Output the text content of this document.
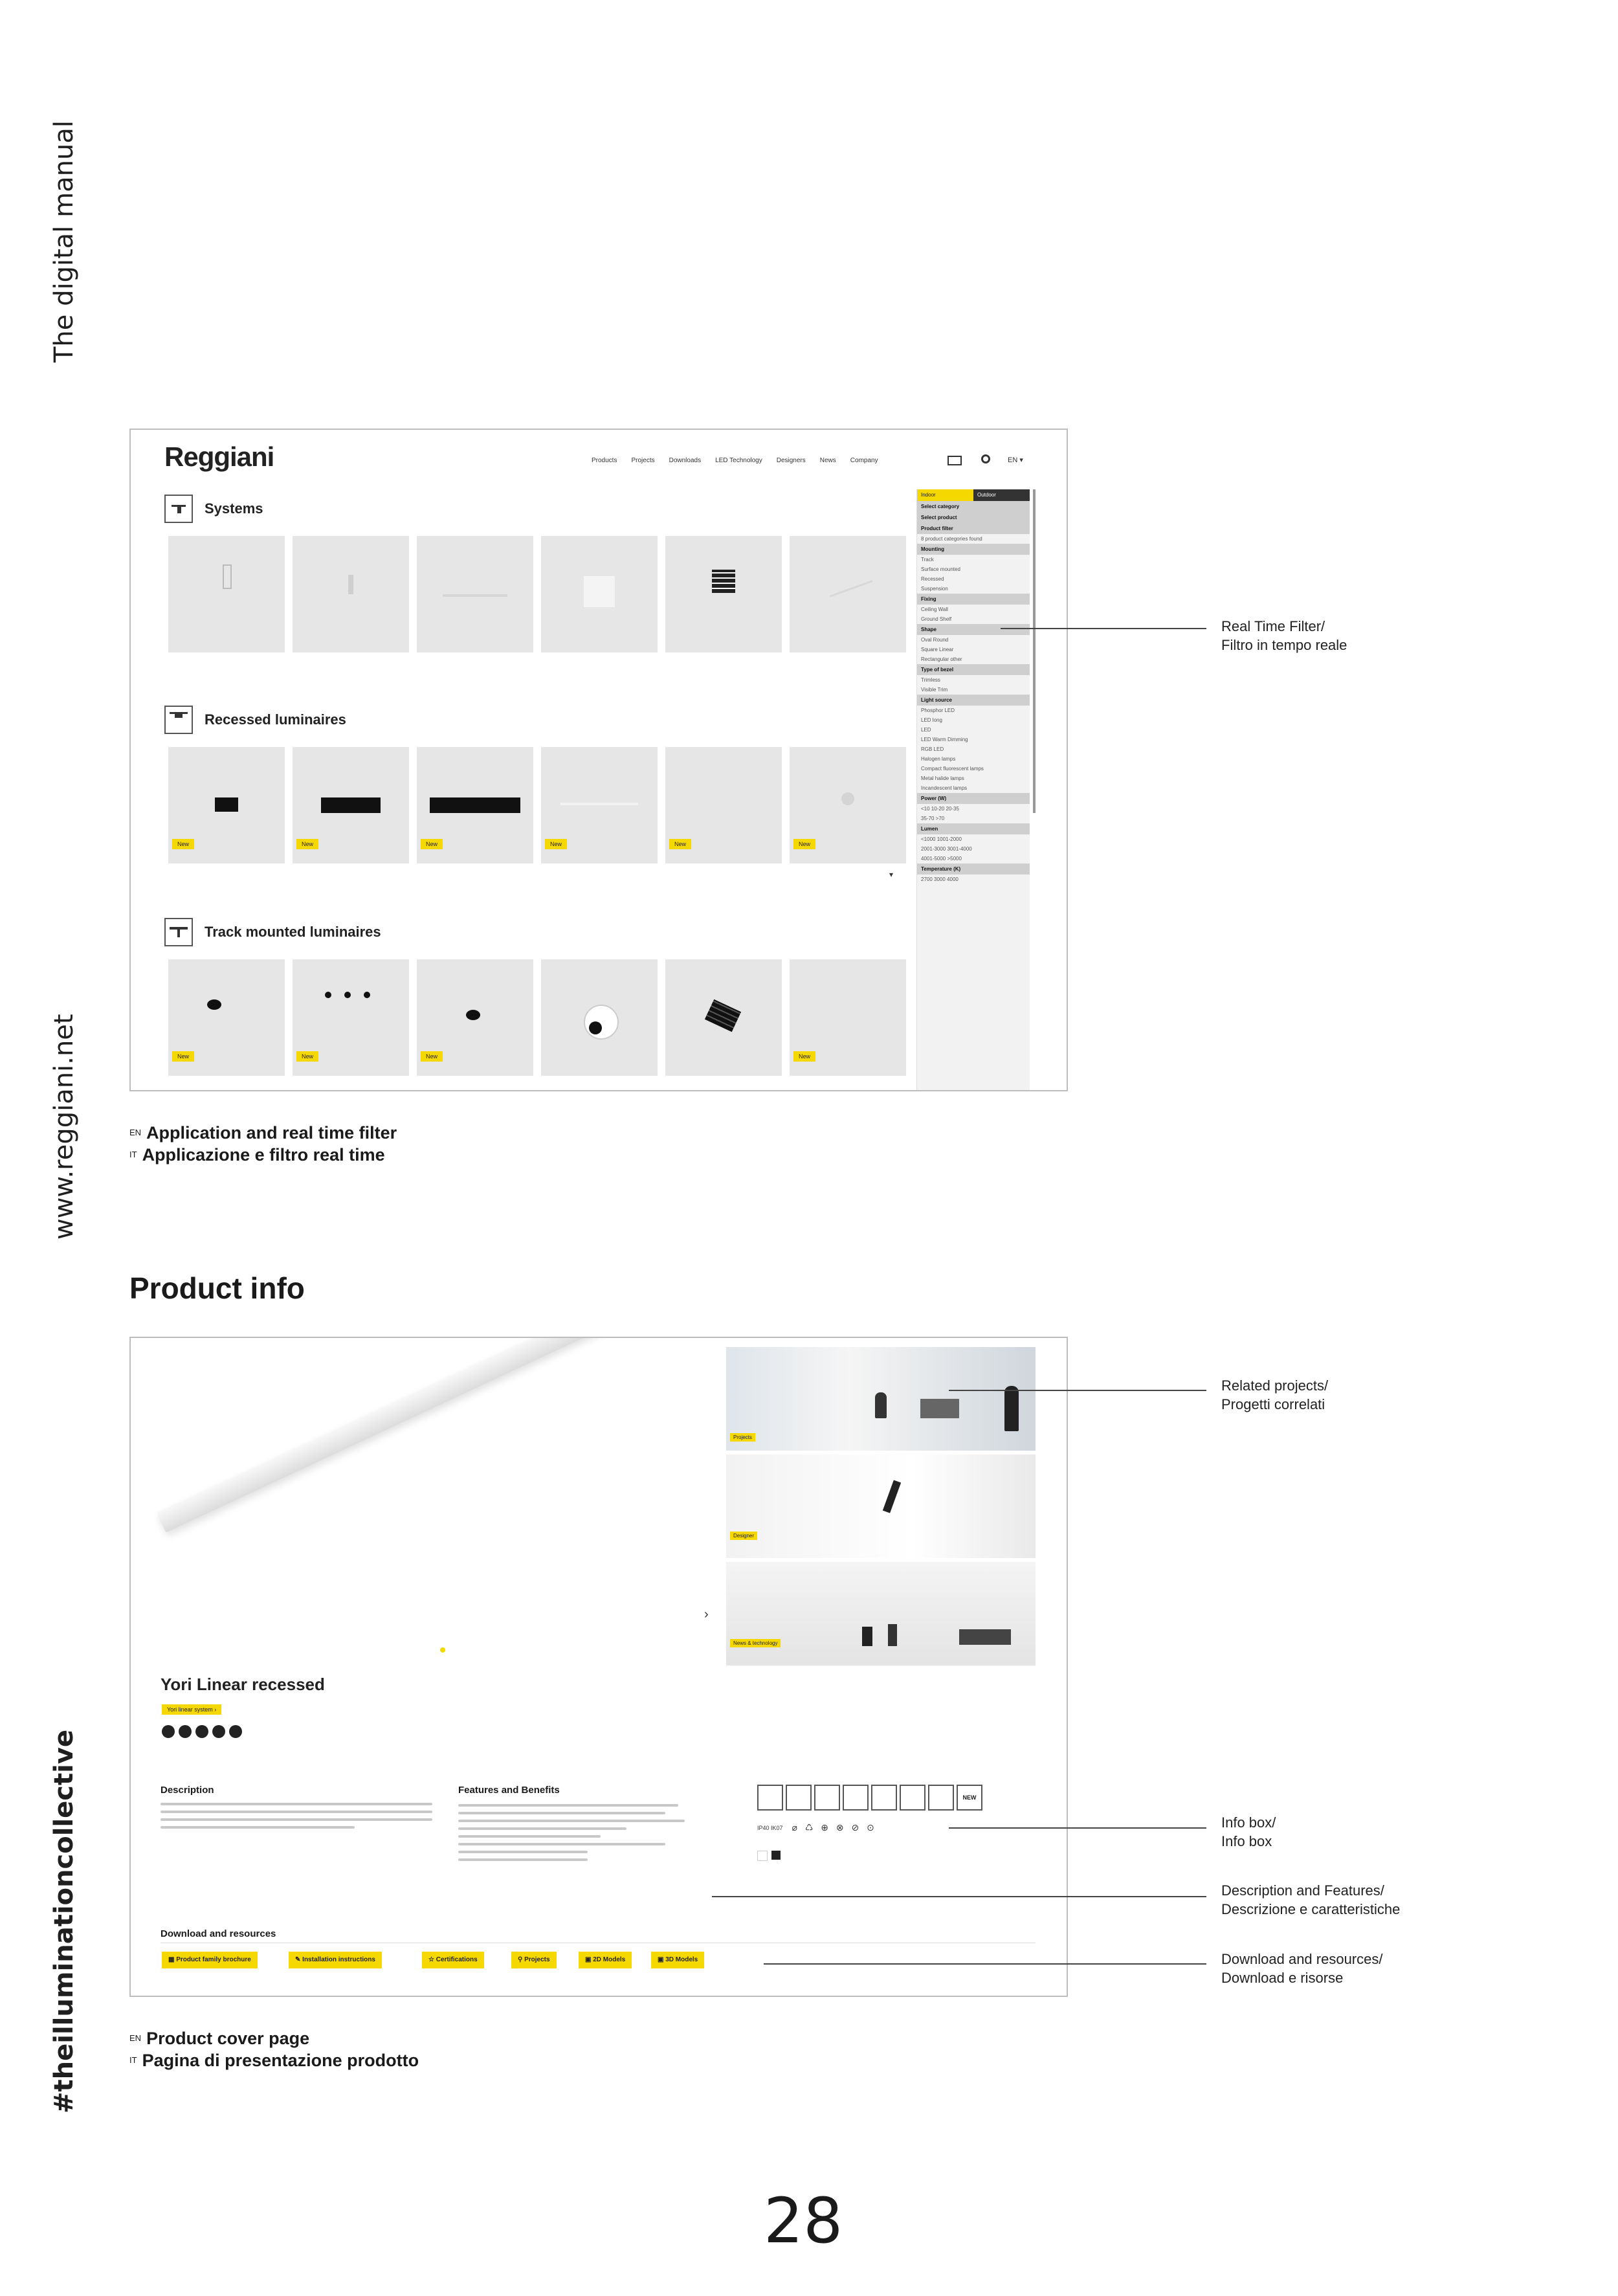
The digital manual
www.reggiani.net
#theilluminationcollective
Reggiani	Products Projects Downloads LED Technology Designers News Company	EN ▾
Systems
Recessed luminaires
New	New	New	New	New	New
▾
Track mounted luminaires
New	New	New	New
Indoor	Outdoor
Select category
Select product
Product filter
8 product categories found
Mounting
Track
Surface mounted
Recessed
Suspension
Fixing
Ceiling Wall
Ground Shelf
Shape
Oval Round
Square Linear
Rectangular other
Type of bezel
Trimless
Visible Trim
Light source
Phosphor LED
LED long
LED
LED Warm Dimming
RGB LED
Halogen lamps
Compact fluorescent lamps
Metal halide lamps
Incandescent lamps
Power (W)
<10 10-20 20-35
35-70 >70
Lumen
<1000 1001-2000
2001-3000 3001-4000
4001-5000 >5000
Temperature (K)
2700 3000 4000
Real Time Filter/
Filtro in tempo reale
$^{EN}$ Application and real time filter
$^{IT}$ Applicazione e filtro real time
Product info
›
Projects
Designer
News & technology
Yori Linear recessed
Yori linear system ›
Description	Features and Benefits
NEW
IP40 IK07 ⌀ ♺ ⊕ ⊗ ⊘ ⊙
Download and resources
▦ Product family brochure	✎ Installation instructions	☆ Certifications	⚲ Projects	▣ 2D Models	▣ 3D Models
Related projects/
Progetti correlati
Info box/
Info box
Description and Features/
Descrizione e caratteristiche
Download and resources/
Download e risorse
$^{EN}$ Product cover page
$^{IT}$ Pagina di presentazione prodotto
28
